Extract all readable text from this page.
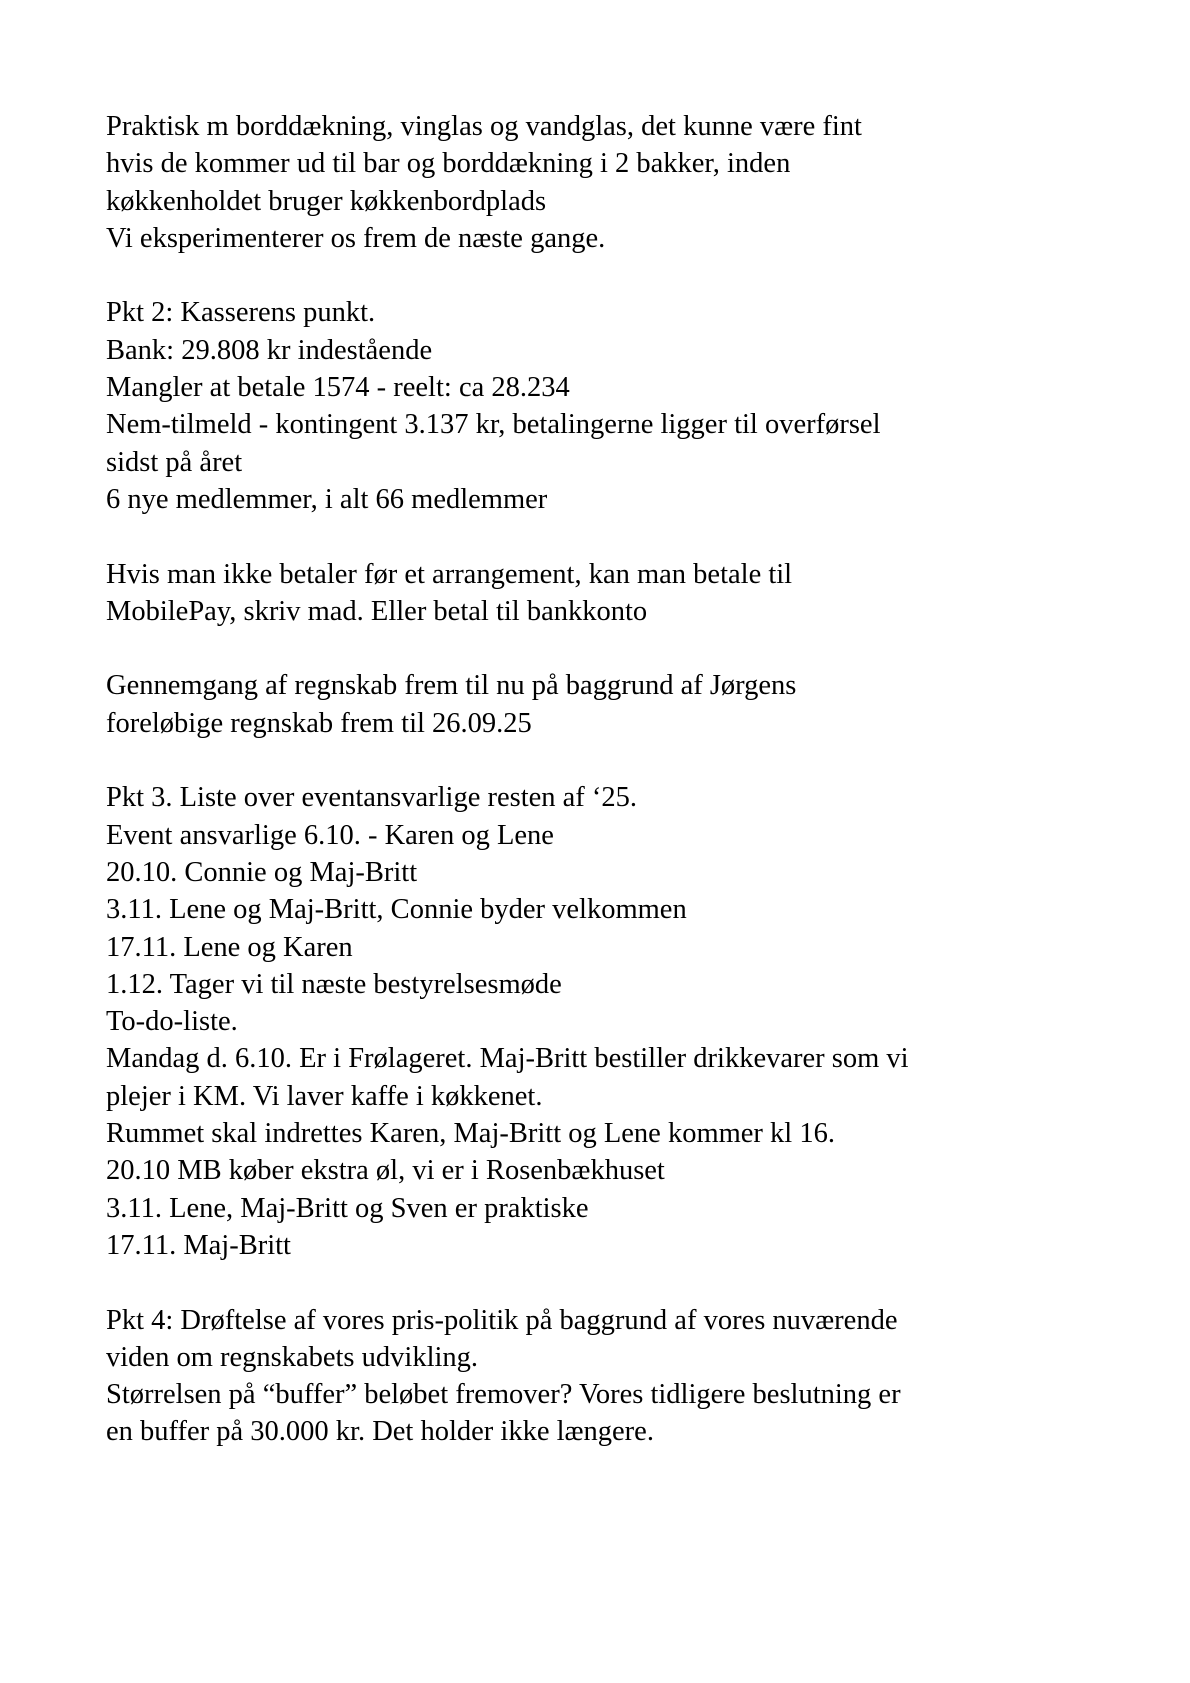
Praktisk m borddækning, vinglas og vandglas, det kunne være fint
hvis de kommer ud til bar og borddækning i 2 bakker, inden
køkkenholdet bruger køkkenbordplads
Vi eksperimenterer os frem de næste gange.
Pkt 2: Kasserens punkt.
Bank: 29.808 kr indestående
Mangler at betale 1574 - reelt: ca 28.234
Nem-tilmeld - kontingent 3.137 kr, betalingerne ligger til overførsel
sidst på året
6 nye medlemmer, i alt 66 medlemmer
Hvis man ikke betaler før et arrangement, kan man betale til
MobilePay, skriv mad. Eller betal til bankkonto
Gennemgang af regnskab frem til nu på baggrund af Jørgens
foreløbige regnskab frem til 26.09.25
Pkt 3. Liste over eventansvarlige resten af ‘25.
Event ansvarlige 6.10. - Karen og Lene
20.10. Connie og Maj-Britt
3.11. Lene og Maj-Britt, Connie byder velkommen
17.11. Lene og Karen
1.12. Tager vi til næste bestyrelsesmøde
To-do-liste.
Mandag d. 6.10. Er i Frølageret. Maj-Britt bestiller drikkevarer som vi
plejer i KM. Vi laver kaffe i køkkenet.
Rummet skal indrettes Karen, Maj-Britt og Lene kommer kl 16.
20.10 MB køber ekstra øl, vi er i Rosenbækhuset
3.11. Lene, Maj-Britt og Sven er praktiske
17.11. Maj-Britt
Pkt 4: Drøftelse af vores pris-politik på baggrund af vores nuværende
viden om regnskabets udvikling.
Størrelsen på “buffer” beløbet fremover? Vores tidligere beslutning er
en buffer på 30.000 kr. Det holder ikke længere.
